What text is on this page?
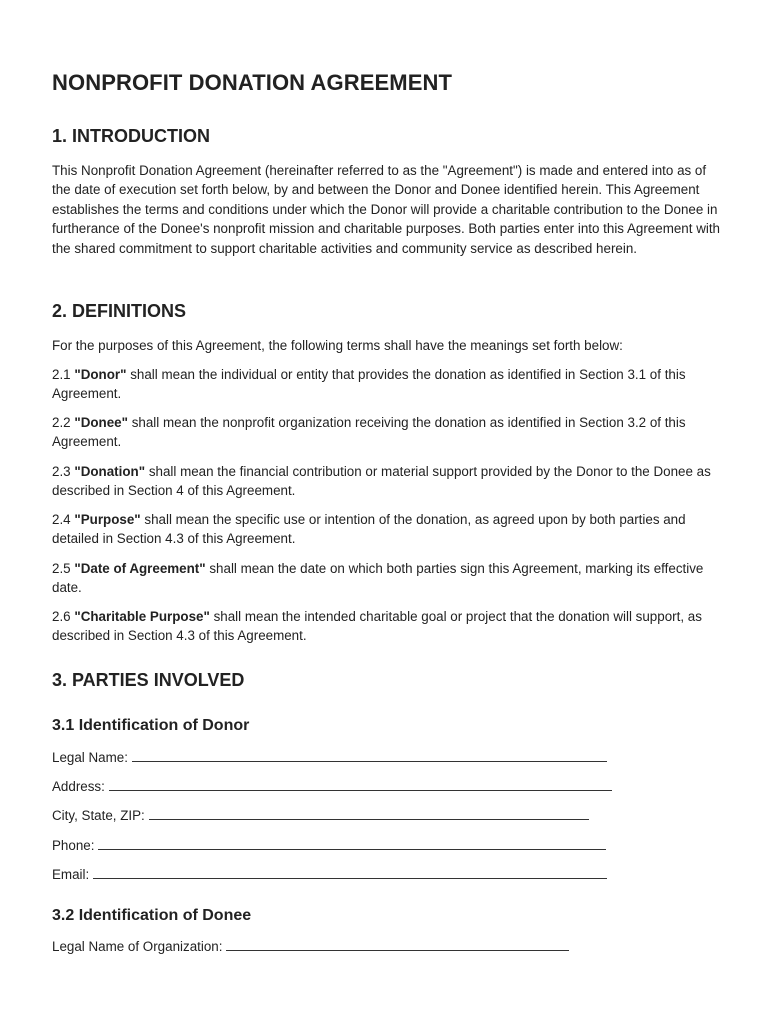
NONPROFIT DONATION AGREEMENT
1. INTRODUCTION

This Nonprofit Donation Agreement (hereinafter referred to as the "Agreement") is made and entered into as of the date of execution set forth below, by and between the Donor and Donee identified herein. This Agreement establishes the terms and conditions under which the Donor will provide a charitable contribution to the Donee in furtherance of the Donee's nonprofit mission and charitable purposes. Both parties enter into this Agreement with the shared commitment to support charitable activities and community service as described herein.

2. DEFINITIONS

For the purposes of this Agreement, the following terms shall have the meanings set forth below:

2.1 "Donor" shall mean the individual or entity that provides the donation as identified in Section 3.1 of this Agreement.

2.2 "Donee" shall mean the nonprofit organization receiving the donation as identified in Section 3.2 of this Agreement.

2.3 "Donation" shall mean the financial contribution or material support provided by the Donor to the Donee as described in Section 4 of this Agreement.

2.4 "Purpose" shall mean the specific use or intention of the donation, as agreed upon by both parties and detailed in Section 4.3 of this Agreement.

2.5 "Date of Agreement" shall mean the date on which both parties sign this Agreement, marking its effective date.

2.6 "Charitable Purpose" shall mean the intended charitable goal or project that the donation will support, as described in Section 4.3 of this Agreement.

3. PARTIES INVOLVED
3.1 Identification of Donor
Legal Name:
Address:
City, State, ZIP:
Phone:
Email:
3.2 Identification of Donee
Legal Name of Organization:
